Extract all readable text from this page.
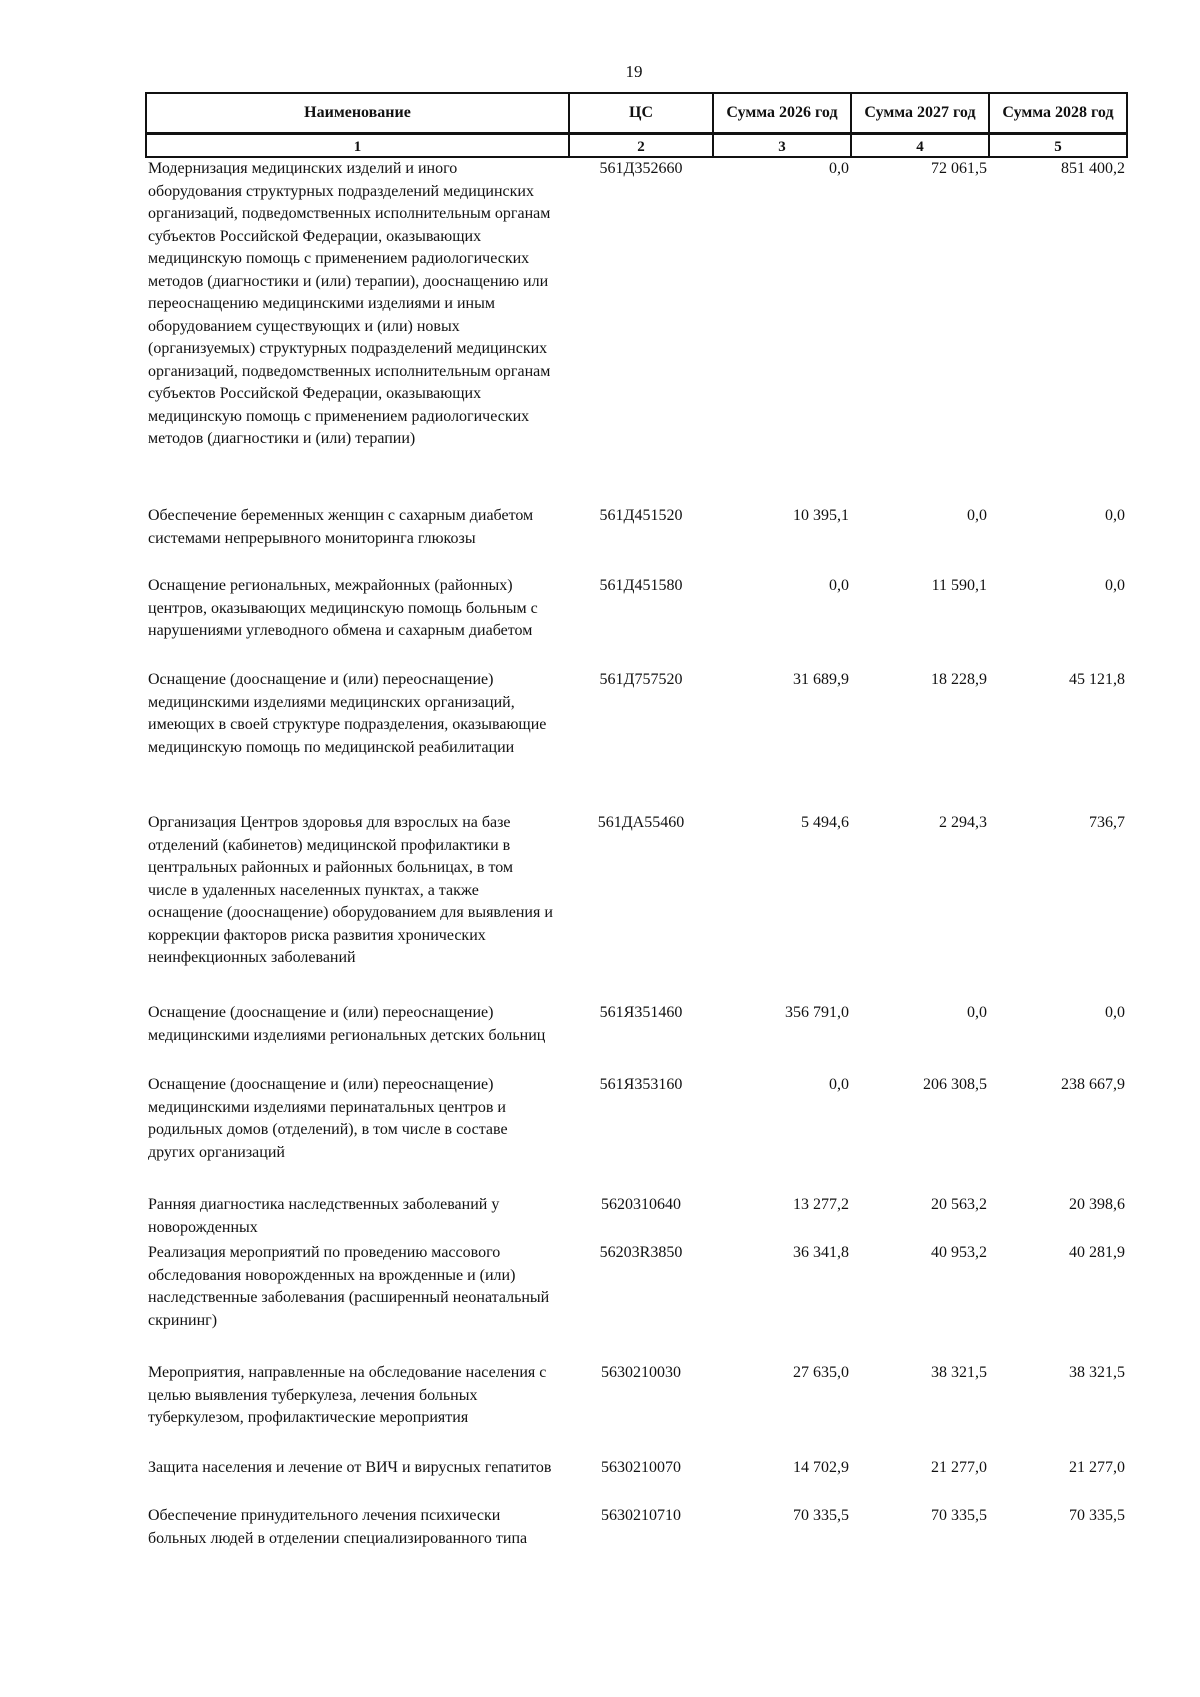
19
Наименование	ЦС	Сумма 2026 год	Сумма 2027 год	Сумма 2028 год
1	2	3	4	5
Модернизация медицинских изделий и иного оборудования структурных подразделений медицинских организаций, подведомственных исполнительным органам субъектов Российской Федерации, оказывающих медицинскую помощь с применением радиологических методов (диагностики и (или) терапии), дооснащению или переоснащению медицинскими изделиями и иным оборудованием существующих и (или) новых (организуемых) структурных подразделений медицинских организаций, подведомственных исполнительным органам субъектов Российской Федерации, оказывающих медицинскую помощь с применением радиологических методов (диагностики и (или) терапии)	561Д352660	0,0	72 061,5	851 400,2
Обеспечение беременных женщин с сахарным диабетом системами непрерывного мониторинга глюкозы	561Д451520	10 395,1	0,0	0,0
Оснащение региональных, межрайонных (районных) центров, оказывающих медицинскую помощь больным с нарушениями углеводного обмена и сахарным диабетом	561Д451580	0,0	11 590,1	0,0
Оснащение (дооснащение и (или) переоснащение) медицинскими изделиями медицинских организаций, имеющих в своей структуре подразделения, оказывающие медицинскую помощь по медицинской реабилитации	561Д757520	31 689,9	18 228,9	45 121,8
Организация Центров здоровья для взрослых на базе отделений (кабинетов) медицинской профилактики в центральных районных и районных больницах, в том числе в удаленных населенных пунктах, а также оснащение (дооснащение) оборудованием для выявления и коррекции факторов риска развития хронических неинфекционных заболеваний	561ДА55460	5 494,6	2 294,3	736,7
Оснащение (дооснащение и (или) переоснащение) медицинскими изделиями региональных детских больниц	561Я351460	356 791,0	0,0	0,0
Оснащение (дооснащение и (или) переоснащение) медицинскими изделиями перинатальных центров и родильных домов (отделений), в том числе в составе других организаций	561Я353160	0,0	206 308,5	238 667,9
Ранняя диагностика наследственных заболеваний у новорожденных	5620310640	13 277,2	20 563,2	20 398,6
Реализация мероприятий по проведению массового обследования новорожденных на врожденные и (или) наследственные заболевания (расширенный неонатальный скрининг)	56203R3850	36 341,8	40 953,2	40 281,9
Мероприятия, направленные на обследование населения с целью выявления туберкулеза, лечения больных туберкулезом, профилактические мероприятия	5630210030	27 635,0	38 321,5	38 321,5
Защита населения и лечение от ВИЧ и вирусных гепатитов	5630210070	14 702,9	21 277,0	21 277,0
Обеспечение принудительного лечения психически больных людей в отделении специализированного типа	5630210710	70 335,5	70 335,5	70 335,5
